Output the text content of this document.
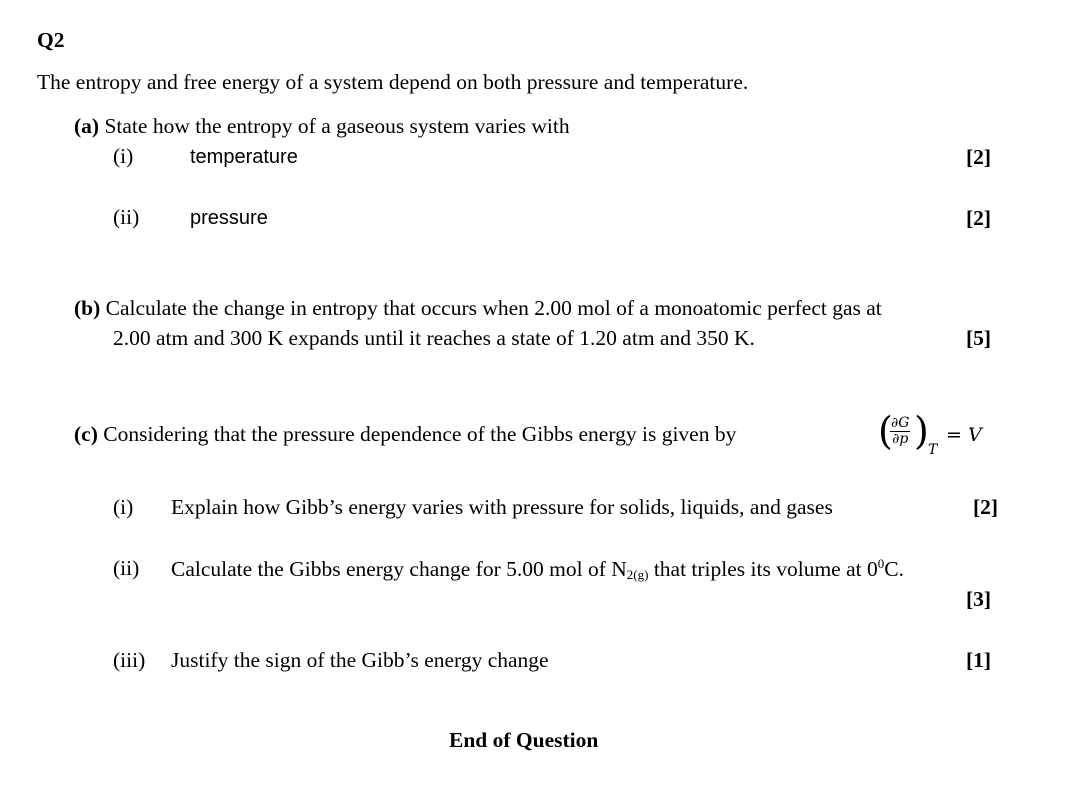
Q2
The entropy and free energy of a system depend on both pressure and temperature.
(a) State how the entropy of a gaseous system varies with
(i)	temperature	[2]
(ii)	pressure	[2]
(b) Calculate the change in entropy that occurs when 2.00 mol of a monoatomic perfect gas at
2.00 atm and 300 K expands until it reaches a state of 1.20 atm and 350 K.	[5]
(c) Considering that the pressure dependence of the Gibbs energy is given by	(
$\frac{\partial G}{\partial p}$ ) T
= V
(i) Explain how Gibb’s energy varies with pressure for solids, liquids, and gases	[2]
(ii) Calculate the Gibbs energy change for 5.00 mol of $N_{2(g)}$ that triples its volume at $0^0C$.
[3]
(iii) Justify the sign of the Gibb’s energy change	[1]
End of Question
